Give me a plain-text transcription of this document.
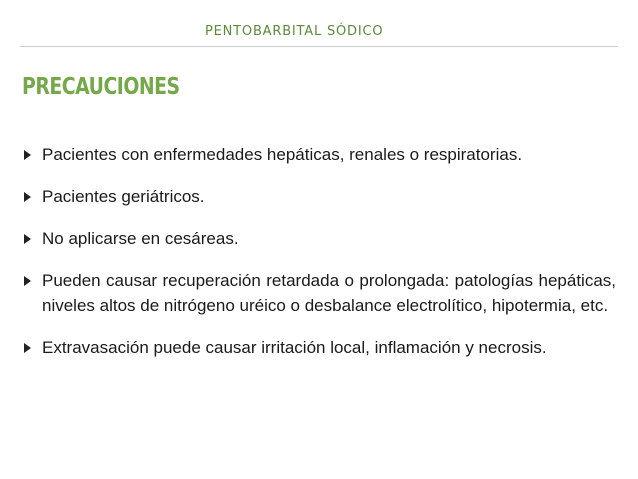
PENTOBARBITAL SÓDICO
PRECAUCIONES
Pacientes con enfermedades hepáticas, renales o respiratorias.
Pacientes geriátricos.
No aplicarse en cesáreas.
Pueden causar recuperación retardada o prolongada: patologías hepáticas, niveles altos de nitrógeno uréico o desbalance electrolítico, hipotermia, etc.
Extravasación puede causar irritación local, inflamación y necrosis.
